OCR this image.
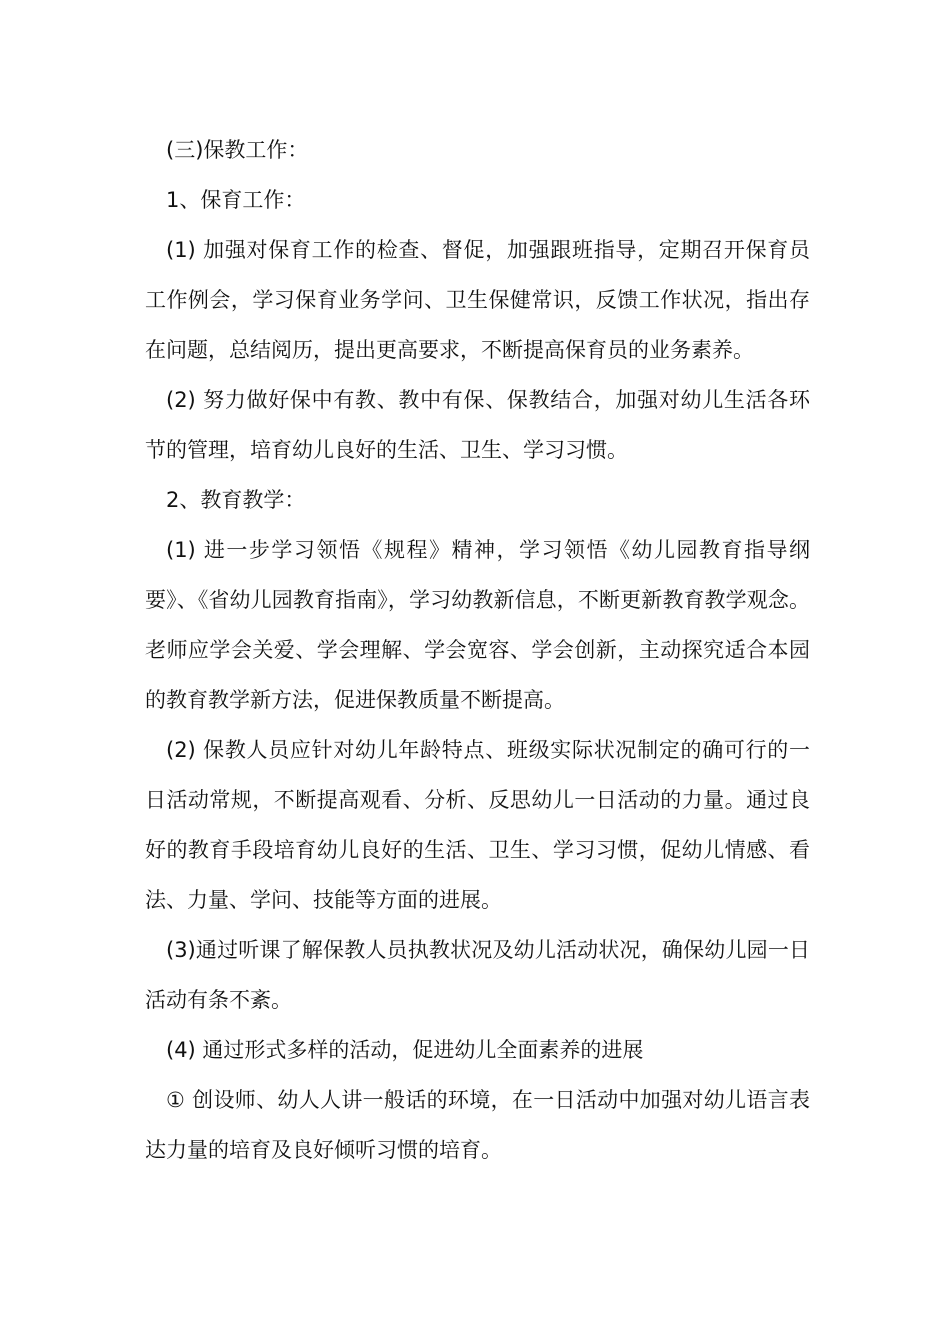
(三)保教工作：

1、保育工作：

(1) 加强对保育工作的检查、督促，加强跟班指导，定期召开保育员工作例会，学习保育业务学问、卫生保健常识，反馈工作状况，指出存在问题，总结阅历，提出更高要求，不断提高保育员的业务素养。

(2) 努力做好保中有教、教中有保、保教结合，加强对幼儿生活各环节的管理，培育幼儿良好的生活、卫生、学习习惯。

2、教育教学：

(1) 进一步学习领悟《规程》精神，学习领悟《幼儿园教育指导纲要》、《省幼儿园教育指南》，学习幼教新信息，不断更新教育教学观念。老师应学会关爱、学会理解、学会宽容、学会创新，主动探究适合本园的教育教学新方法，促进保教质量不断提高。

(2) 保教人员应针对幼儿年龄特点、班级实际状况制定的确可行的一日活动常规，不断提高观看、分析、反思幼儿一日活动的力量。通过良好的教育手段培育幼儿良好的生活、卫生、学习习惯，促幼儿情感、看法、力量、学问、技能等方面的进展。

(3)通过听课了解保教人员执教状况及幼儿活动状况，确保幼儿园一日活动有条不紊。

(4) 通过形式多样的活动，促进幼儿全面素养的进展

① 创设师、幼人人讲一般话的环境，在一日活动中加强对幼儿语言表达力量的培育及良好倾听习惯的培育。
